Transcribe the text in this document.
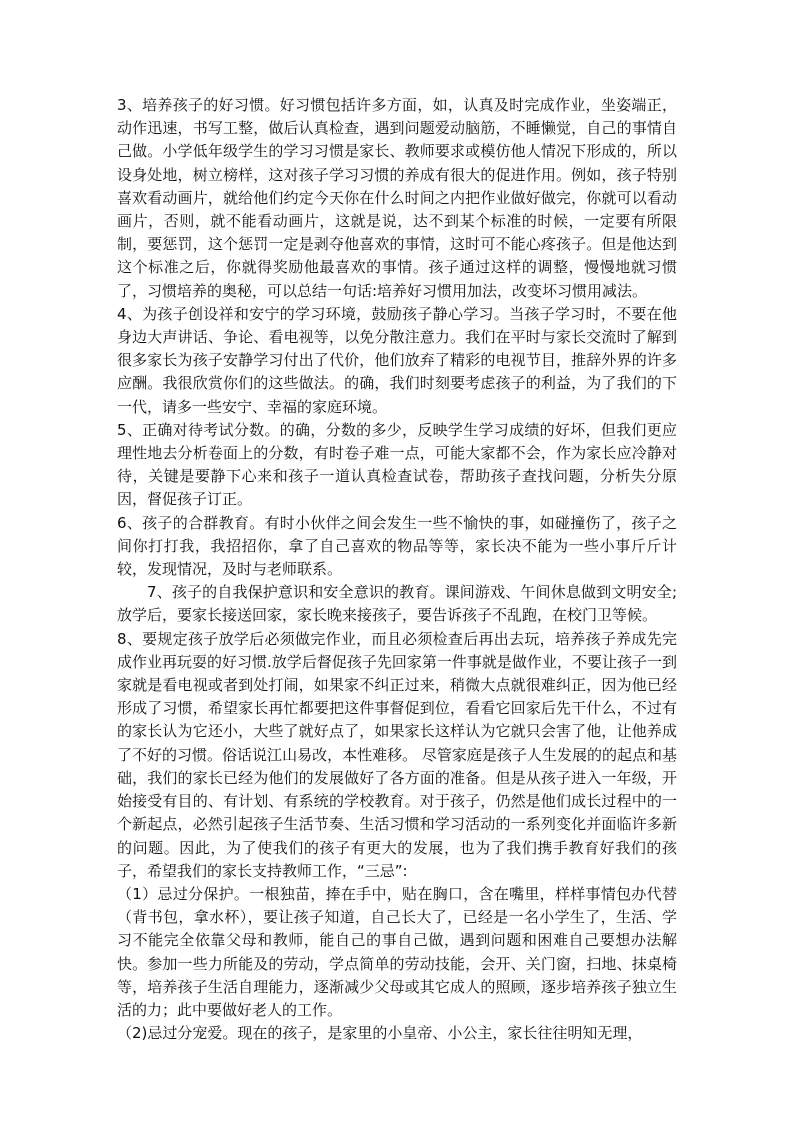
3、培养孩子的好习惯。好习惯包括许多方面，如，认真及时完成作业，坐姿端正，动作迅速，书写工整，做后认真检查，遇到问题爱动脑筋，不睡懒觉，自己的事情自己做。小学低年级学生的学习习惯是家长、教师要求或模仿他人情况下形成的，所以设身处地，树立榜样，这对孩子学习习惯的养成有很大的促进作用。例如，孩子特别喜欢看动画片，就给他们约定今天你在什么时间之内把作业做好做完，你就可以看动画片，否则，就不能看动画片，这就是说，达不到某个标准的时候，一定要有所限制，要惩罚，这个惩罚一定是剥夺他喜欢的事情，这时可不能心疼孩子。但是他达到这个标准之后，你就得奖励他最喜欢的事情。孩子通过这样的调整，慢慢地就习惯了，习惯培养的奥秘，可以总结一句话:培养好习惯用加法，改变坏习惯用减法。

4、为孩子创设祥和安宁的学习环境，鼓励孩子静心学习。当孩子学习时，不要在他身边大声讲话、争论、看电视等，以免分散注意力。我们在平时与家长交流时了解到很多家长为孩子安静学习付出了代价，他们放弃了精彩的电视节目，推辞外界的许多应酬。我很欣赏你们的这些做法。的确，我们时刻要考虑孩子的利益，为了我们的下一代，请多一些安宁、幸福的家庭环境。

5、正确对待考试分数。的确，分数的多少，反映学生学习成绩的好坏，但我们更应理性地去分析卷面上的分数，有时卷子难一点，可能大家都不会，作为家长应冷静对待，关键是要静下心来和孩子一道认真检查试卷，帮助孩子查找问题，分析失分原因，督促孩子订正。

6、孩子的合群教育。有时小伙伴之间会发生一些不愉快的事，如碰撞伤了，孩子之间你打打我，我招招你，拿了自己喜欢的物品等等，家长决不能为一些小事斤斤计较，发现情况，及时与老师联系。

7、孩子的自我保护意识和安全意识的教育。课间游戏、午间休息做到文明安全;放学后，要家长接送回家，家长晚来接孩子，要告诉孩子不乱跑，在校门卫等候。

8、要规定孩子放学后必须做完作业，而且必须检查后再出去玩，培养孩子养成先完成作业再玩耍的好习惯.放学后督促孩子先回家第一件事就是做作业，不要让孩子一到家就是看电视或者到处打闹，如果家不纠正过来，稍微大点就很难纠正，因为他已经形成了习惯，希望家长再忙都要把这件事督促到位，看看它回家后先干什么，不过有的家长认为它还小，大些了就好点了，如果家长这样认为它就只会害了他，让他养成了不好的习惯。俗话说江山易改，本性难移。 尽管家庭是孩子人生发展的的起点和基础，我们的家长已经为他们的发展做好了各方面的准备。但是从孩子进入一年级，开始接受有目的、有计划、有系统的学校教育。对于孩子，仍然是他们成长过程中的一个新起点，必然引起孩子生活节奏、生活习惯和学习活动的一系列变化并面临许多新的问题。因此，为了使我们的孩子有更大的发展，也为了我们携手教育好我们的孩子，希望我们的家长支持教师工作，“三忌”:

（1）忌过分保护。一根独苗，捧在手中，贴在胸口，含在嘴里，样样事情包办代替（背书包，拿水杯），要让孩子知道，自己长大了，已经是一名小学生了，生活、学习不能完全依靠父母和教师，能自己的事自己做，遇到问题和困难自己要想办法解快。参加一些力所能及的劳动，学点简单的劳动技能，会开、关门窗，扫地、抹桌椅等，培养孩子生活自理能力，逐渐减少父母或其它成人的照顾，逐步培养孩子独立生活的力；此中要做好老人的工作。

（2)忌过分宠爱。现在的孩子，是家里的小皇帝、小公主，家长往往明知无理，
